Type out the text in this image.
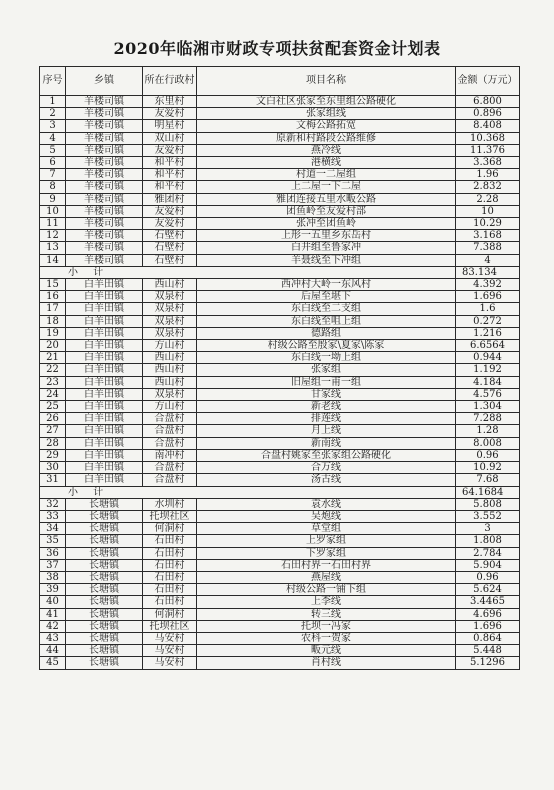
2020年临湘市财政专项扶贫配套资金计划表
序号	乡镇	所在行政村	项目名称	金额（万元）
1	羊楼司镇	东里村	文白社区张家至东里组公路硬化	6.800
2	羊楼司镇	友爱村	张家组线	0.896
3	羊楼司镇	明星村	文梅公路拓宽	8.408
4	羊楼司镇	双山村	原新和村路段公路维修	10.368
5	羊楼司镇	友爱村	燕冷线	11.376
6	羊楼司镇	和平村	港横线	3.368
7	羊楼司镇	和平村	村道一二屋组	1.96
8	羊楼司镇	和平村	上二屋一下二屋	2.832
9	羊楼司镇	雅团村	雅团连接五里水畈公路	2.28
10	羊楼司镇	友爱村	团鱼岭至友爱村部	10
11	羊楼司镇	友爱村	张冲至团鱼岭	10.29
12	羊楼司镇	石壁村	上形一五里乡东岳村	3.168
13	羊楼司镇	石壁村	白井组至鲁家冲	7.388
14	羊楼司镇	石壁村	羊聂线至下冲组	4
小 计				83.134
15	白羊田镇	西山村	西冲村大岭一东风村	4.392
16	白羊田镇	双泉村	后屋至堪下	1.696
17	白羊田镇	双泉村	东白线至二支组	1.6
18	白羊田镇	双泉村	东白线至咀上组	0.272
19	白羊田镇	双泉村	德路组	1.216
20	白羊田镇	方山村	村级公路至殷家\夏家\陈家	6.6564
21	白羊田镇	西山村	东白线一坳上组	0.944
22	白羊田镇	西山村	张家组	1.192
23	白羊田镇	西山村	旧屋组一甫一组	4.184
24	白羊田镇	双泉村	甘家线	4.576
25	白羊田镇	方山村	新老线	1.304
26	白羊田镇	合盘村	排莲线	7.288
27	白羊田镇	合盘村	月上线	1.28
28	白羊田镇	合盘村	新南线	8.008
29	白羊田镇	南冲村	合盘村姚家至张家组公路硬化	0.96
30	白羊田镇	合盘村	合万线	10.92
31	白羊田镇	合盘村	汤古线	7.68
小 计				64.1684
32	长塘镇	水圳村	袁水线	5.808
33	长塘镇	托坝社区	吴炮线	3.552
34	长塘镇	何洞村	草堂组	3
35	长塘镇	石田村	上罗家组	1.808
36	长塘镇	石田村	下罗家组	2.784
37	长塘镇	石田村	石田村界一石田村界	5.904
38	长塘镇	石田村	燕屋线	0.96
39	长塘镇	石田村	村级公路一铺下组	5.624
40	长塘镇	石田村	上李线	3.4465
41	长塘镇	何洞村	转三线	4.696
42	长塘镇	托坝社区	托坝一冯家	1.696
43	长塘镇	马安村	农科一贺家	0.864
44	长塘镇	马安村	畈元线	5.448
45	长塘镇	马安村	肖村线	5.1296
